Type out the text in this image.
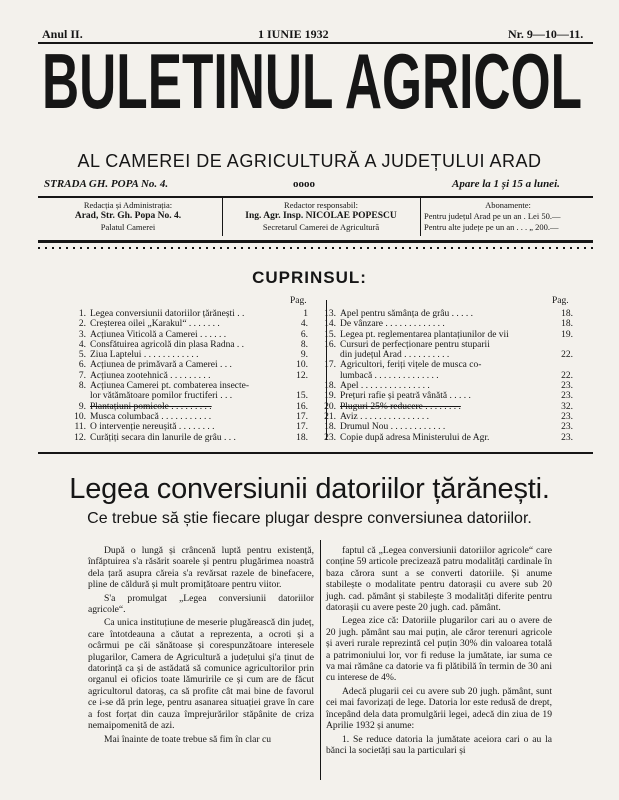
Anul II.	1 IUNIE 1932	Nr. 9—10—11.
BULETINUL AGRICOL
AL CAMEREI DE AGRICULTURĂ A JUDEȚULUI ARAD
STRADA GH. POPA No. 4.	oooo	Apare la 1 și 15 a lunei.
Redacția și Administrația:
Arad, Str. Gh. Popa No. 4.
Palatul Camerei
Redactor responsabil:
Ing. Agr. Insp. NICOLAE POPESCU
Secretarul Camerei de Agricultură
Abonamente:
Pentru județul Arad pe un an . Lei 50.—
Pentru alte județe pe un an . . . „ 200.—
CUPRINSUL:
Pag.	Pag.
1. Legea conversiunii datoriilor țărănești . .	1
2. Creșterea oilei „Karakul“ . . . . . . .	4.
3. Acțiunea Viticolă a Camerei . . . . . .	6.
4. Consfătuirea agricolă din plasa Radna . .	8.
5. Ziua Laptelui . . . . . . . . . . . .	9.
6. Acțiunea de primăvară a Camerei . . .	10.
7. Acțiunea zootehnică . . . . . . . . .	12.
8. Acțiunea Camerei pt. combaterea insecte-
lor vătămătoare pomilor fructiferi . . .	15.
9. Plantațiuni pomicole . . . . . . . . .	16.
10. Musca columbacă . . . . . . . . . . .	17.
11. O intervenție nereușită . . . . . . . .	17.
12. Curățiți secara din lanurile de grâu . . .	18.
13. Apel pentru sămânța de grâu . . . . .	18.
14. De vânzare . . . . . . . . . . . . .	18.
15. Legea pt. reglementarea plantațiunilor de vii	19.
16. Cursuri de perfecționare pentru stuparii
din județul Arad . . . . . . . . . .	22.
17. Agricultori, feriți vițele de musca co-
lumbacă . . . . . . . . . . . . . .	22.
18. Apel . . . . . . . . . . . . . . .	23.
19. Prețuri rafie și peatră vânătă . . . . .	23.
20. Pluguri 25% reducere . . . . . . . .	32.
21. Aviz . . . . . . . . . . . . . . .	23.
18. Drumul Nou . . . . . . . . . . . .	23.
23. Copie după adresa Ministerului de Agr.	23.
Legea conversiunii datoriilor țărănești.
Ce trebue să știe fiecare plugar despre conversiunea datoriilor.

După o lungă și crâncenă luptă pentru existență, înfăptuirea s'a răsărit soarele și pentru plugărimea noastră dela țară asupra căreia s'a revărsat razele de binefacere, pline de căldură și mult promițătoare pentru viitor.

S'a promulgat „Legea conversiunii datoriilor agricole“.

Ca unica instituțiune de meserie plugărească din județ, care întotdeauna a căutat a reprezenta, a ocroti și a ocârmui pe căi sănătoase și corespunzătoare interesele plugarilor, Camera de Agricultură a județului și'a ținut de datorință ca și de astădată să comunice agricultorilor prin organul ei oficios toate lămuririle ce și cum are de făcut agricultorul datoraș, ca să profite cât mai bine de favorul ce i-se dă prin lege, pentru asanarea situației grave în care a fost forțat din cauza împrejurărilor stăpânite de criza nemaipomenită de azi.

Mai înainte de toate trebue să fim în clar cu

faptul că „Legea conversiunii datoriilor agricole“ care conține 59 articole precizează patru modalități cardinale în baza cărora sunt a se converti datoriile. Și anume stabilește o modalitate pentru datorașii cu avere sub 20 jugh. cad. pământ și stabilește 3 modalități diferite pentru datorașii cu avere peste 20 jugh. cad. pământ.

Legea zice că: Datoriile plugarilor cari au o avere de 20 jugh. pământ sau mai puțin, ale căror terenuri agricole și averi rurale reprezintă cel puțin 30% din valoarea totală a patrimoniului lor, vor fi reduse la jumătate, iar suma ce va mai rămâne ca datorie va fi plătibilă în termin de 30 ani cu interese de 4%.

Adecă plugarii cei cu avere sub 20 jugh. pământ, sunt cei mai favorizați de lege. Datoria lor este redusă de drept, începând dela data promulgării legei, adecă din ziua de 19 Aprilie 1932 și anume:

1. Se reduce datoria la jumătate aceiora cari o au la bănci la societăți sau la particulari și
